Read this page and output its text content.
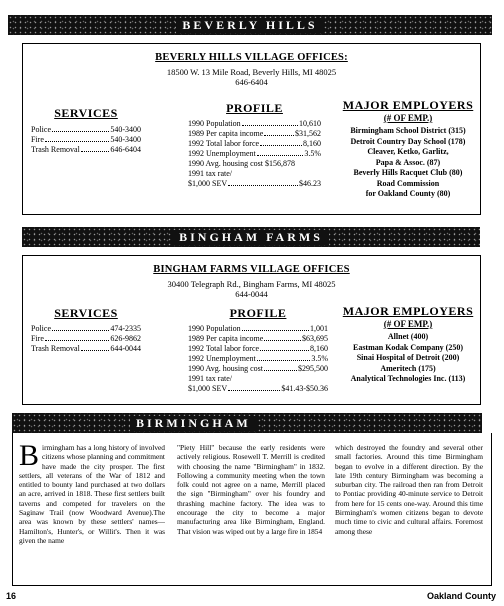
BEVERLY HILLS
BEVERLY HILLS VILLAGE OFFICES:
18500 W. 13 Mile Road, Beverly Hills, MI 48025
646-6404
SERVICES
Police	540-3400
Fire	540-3400
Trash Removal	646-6404
PROFILE
1990 Population	10,610
1989 Per capita income	$31,562
1992 Total labor force	8,160
1992 Unemployment	3.5%
1990 Avg. housing cost $156,878
1991 tax rate/
$1,000 SEV	$46.23
MAJOR EMPLOYERS
(# OF EMP.)
Birmingham School District (315)
Detroit Country Day School (178)
Cleaver, Ketko, Garlitz,
Papa & Assoc. (87)
Beverly Hills Racquet Club (80)
Road Commission
for Oakland County (80)
BINGHAM FARMS
BINGHAM FARMS VILLAGE OFFICES
30400 Telegraph Rd., Bingham Farms, MI 48025
644-0044
SERVICES
Police	474-2335
Fire	626-9862
Trash Removal	644-0044
PROFILE
1990 Population	1,001
1989 Per capita income	$63,695
1992 Total labor force	8,160
1992 Unemployment	3.5%
1990 Avg. housing cost	$295,500
1991 tax rate/
$1,000 SEV	$41.43-$50.36
MAJOR EMPLOYERS
(# OF EMP.)
Allnet (400)
Eastman Kodak Company (250)
Sinai Hospital of Detroit (200)
Ameritech (175)
Analytical Technologies Inc. (113)
BIRMINGHAM
Birmingham has a long history of involved citizens whose planning and commitment have made the city prosper. The first settlers, all veterans of the War of 1812 and entitled to bounty land purchased at two dollars an acre, arrived in 1818. These first settlers built taverns and competed for travelers on the Saginaw Trail (now Woodward Avenue).The area was known by these settlers' names—Hamilton's, Hunter's, or Willit's. Then it was given the name
"Piety Hill" because the early residents were actively religious. Rosewell T. Merrill is credited with choosing the name "Birmingham" in 1832. Following a community meeting when the town folk could not agree on a name, Merrill placed the sign "Birmingham" over his foundry and thrashing machine factory. The idea was to encourage the city to become a major manufacturing area like Birmingham, England. That vision was wiped out by a large fire in 1854
which destroyed the foundry and several other small factories. Around this time Birmingham began to evolve in a different direction. By the late 19th century Birmingham was becoming a suburban city. The railroad then ran from Detroit to Pontiac providing 40-minute service to Detroit from here for 15 cents one-way. Around this time Birmingham's women citizens began to devote much time to civic and cultural affairs. Foremost among these
16	Oakland County
